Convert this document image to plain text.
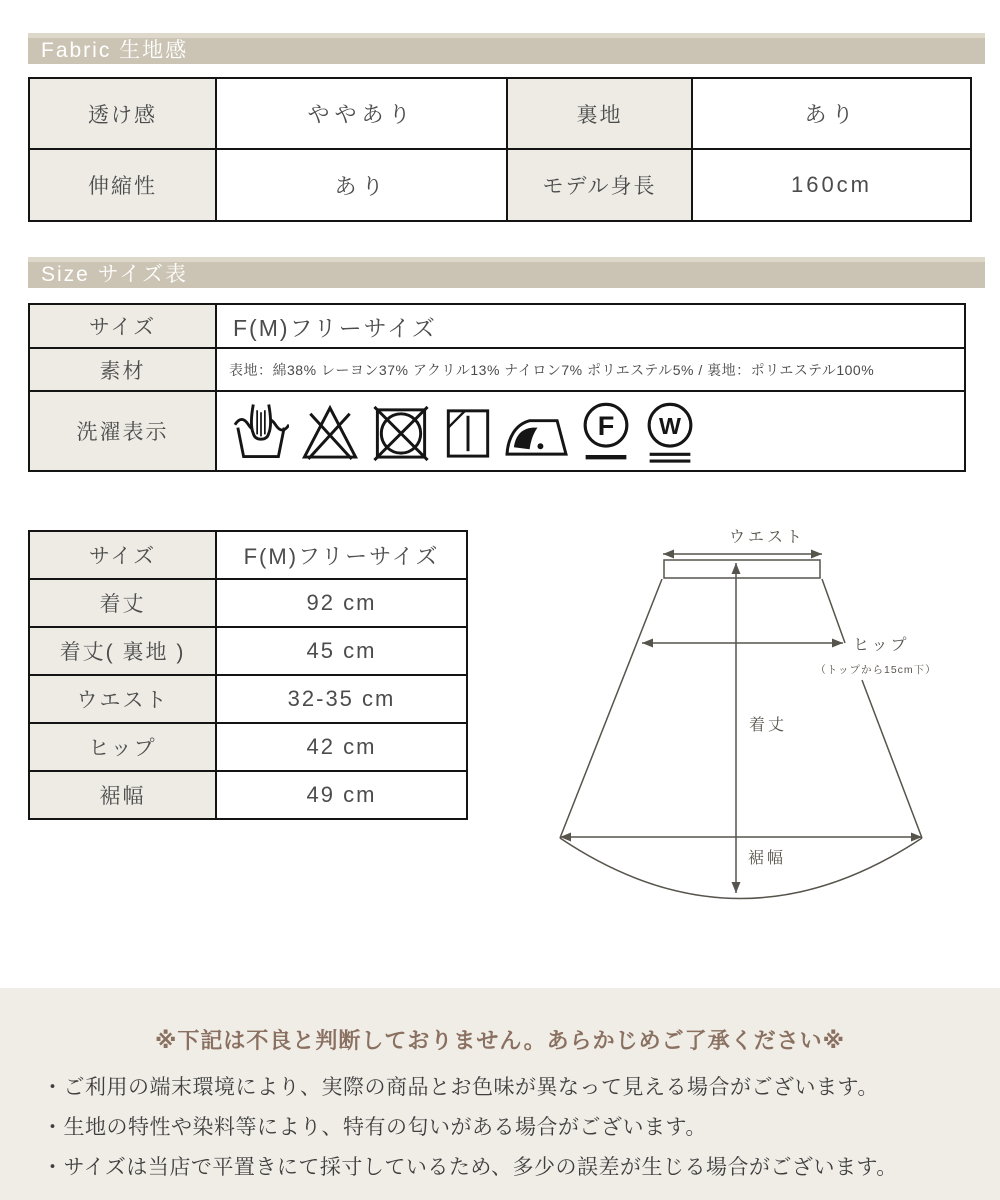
Fabric 生地感
透け感	ややあり	裏地	あり
伸縮性	あり	モデル身長	160cm
Size サイズ表
サイズ	F(M)フリーサイズ
素材	表地：綿38% レーヨン37% アクリル13% ナイロン7% ポリエステル5% / 裏地：ポリエステル100%
洗濯表示	F W
サイズ	F(M)フリーサイズ
着丈	92 cm
着丈( 裏地 )	45 cm
ウエスト	32-35 cm
ヒップ	42 cm
裾幅	49 cm
ウエスト
ヒップ
（トップから15cm下）
着丈
裾幅
※下記は不良と判断しておりません。あらかじめご了承ください※
・ご利用の端末環境により、実際の商品とお色味が異なって見える場合がございます。
・生地の特性や染料等により、特有の匂いがある場合がございます。
・サイズは当店で平置きにて採寸しているため、多少の誤差が生じる場合がございます。
